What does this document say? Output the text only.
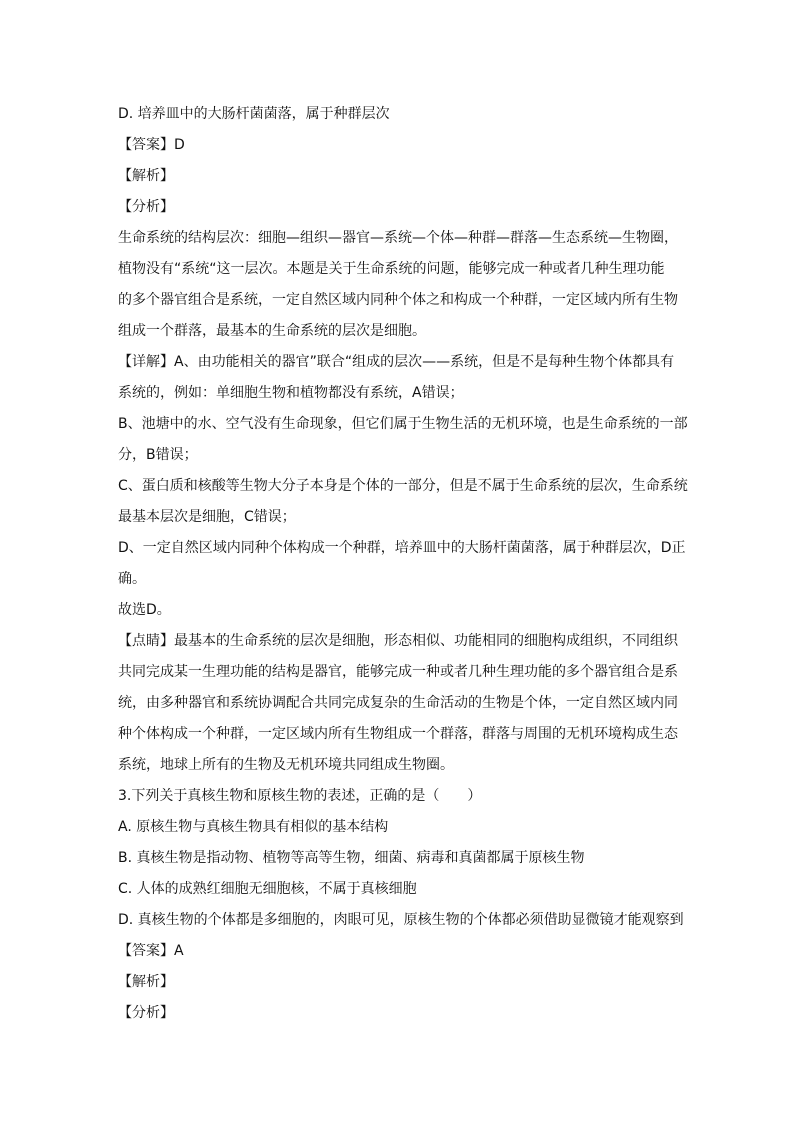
D. 培养皿中的大肠杆菌菌落，属于种群层次
【答案】D
【解析】
【分析】
生命系统的结构层次：细胞—组织—器官—系统—个体—种群—群落—生态系统—生物圈，
植物没有“系统“这一层次。本题是关于生命系统的问题，能够完成一种或者几种生理功能
的多个器官组合是系统，一定自然区域内同种个体之和构成一个种群，一定区域内所有生物
组成一个群落，最基本的生命系统的层次是细胞。
【详解】A、由功能相关的器官”联合“组成的层次——系统，但是不是每种生物个体都具有
系统的，例如：单细胞生物和植物都没有系统，A错误；
B、池塘中的水、空气没有生命现象，但它们属于生物生活的无机环境，也是生命系统的一部
分，B错误；
C、蛋白质和核酸等生物大分子本身是个体的一部分，但是不属于生命系统的层次，生命系统
最基本层次是细胞，C错误；
D、一定自然区域内同种个体构成一个种群，培养皿中的大肠杆菌菌落，属于种群层次，D正
确。
故选D。
【点睛】最基本的生命系统的层次是细胞，形态相似、功能相同的细胞构成组织，不同组织
共同完成某一生理功能的结构是器官，能够完成一种或者几种生理功能的多个器官组合是系
统，由多种器官和系统协调配合共同完成复杂的生命活动的生物是个体，一定自然区域内同
种个体构成一个种群，一定区域内所有生物组成一个群落，群落与周围的无机环境构成生态
系统，地球上所有的生物及无机环境共同组成生物圈。
3.下列关于真核生物和原核生物的表述，正确的是（　　）
A. 原核生物与真核生物具有相似的基本结构
B. 真核生物是指动物、植物等高等生物，细菌、病毒和真菌都属于原核生物
C. 人体的成熟红细胞无细胞核，不属于真核细胞
D. 真核生物的个体都是多细胞的，肉眼可见，原核生物的个体都必须借助显微镜才能观察到
【答案】A
【解析】
【分析】
